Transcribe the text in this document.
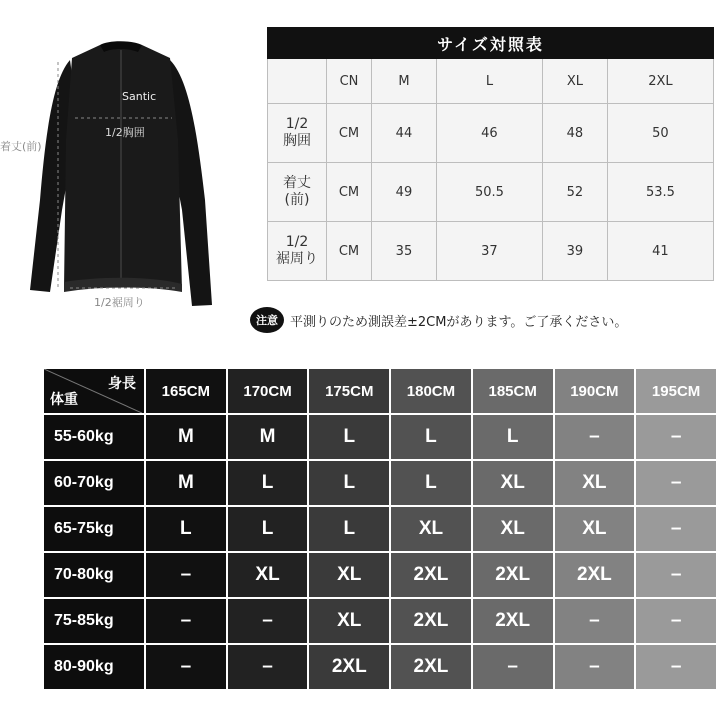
Santic
1/2胸囲
着丈(前)
1/2裾周り
サイズ対照表					
	CN	M	L	XL	2XL
1/2
胸囲	CM	44	46	48	50
着丈
(前)	CM	49	50.5	52	53.5
1/2
裾周り	CM	35	37	39	41
注意 平測りのため測誤差±2CMがあります。ご了承ください。
身長
体重	165CM	170CM	175CM	180CM	185CM	190CM	195CM
55-60kg	M	M	L	L	L	–	–
60-70kg	M	L	L	L	XL	XL	–
65-75kg	L	L	L	XL	XL	XL	–
70-80kg	–	XL	XL	2XL	2XL	2XL	–
75-85kg	–	–	XL	2XL	2XL	–	–
80-90kg	–	–	2XL	2XL	–	–	–
